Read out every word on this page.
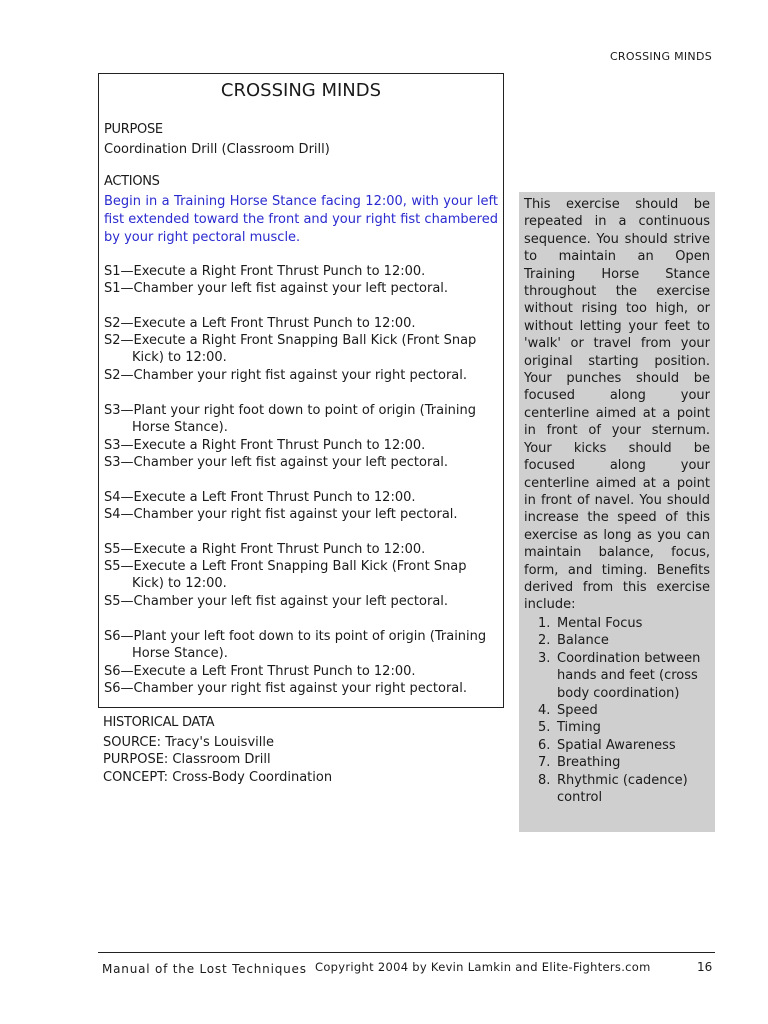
CROSSING MINDS
CROSSING MINDS
PURPOSE
Coordination Drill (Classroom Drill)
ACTIONS
Begin in a Training Horse Stance facing 12:00, with your left fist extended toward the front and your right fist chambered by your right pectoral muscle.
S1—Execute a Right Front Thrust Punch to 12:00.
S1—Chamber your left fist against your left pectoral.
S2—Execute a Left Front Thrust Punch to 12:00.
S2—Execute a Right Front Snapping Ball Kick (Front Snap
Kick) to 12:00.
S2—Chamber your right fist against your right pectoral.
S3—Plant your right foot down to point of origin (Training
Horse Stance).
S3—Execute a Right Front Thrust Punch to 12:00.
S3—Chamber your left fist against your left pectoral.
S4—Execute a Left Front Thrust Punch to 12:00.
S4—Chamber your right fist against your left pectoral.
S5—Execute a Right Front Thrust Punch to 12:00.
S5—Execute a Left Front Snapping Ball Kick (Front Snap
Kick) to 12:00.
S5—Chamber your left fist against your left pectoral.
S6—Plant your left foot down to its point of origin (Training
Horse Stance).
S6—Execute a Left Front Thrust Punch to 12:00.
S6—Chamber your right fist against your right pectoral.
HISTORICAL DATA
SOURCE: Tracy's Louisville
PURPOSE: Classroom Drill
CONCEPT: Cross-Body Coordination
This exercise should be repeated in a continuous sequence. You should strive to maintain an Open Training Horse Stance throughout the exercise without rising too high, or without letting your feet to 'walk' or travel from your original starting position. Your punches should be focused along your centerline aimed at a point in front of your sternum. Your kicks should be focused along your centerline aimed at a point in front of navel. You should increase the speed of this exercise as long as you can maintain balance, focus, form, and timing. Benefits derived from this exercise include:
1. Mental Focus
2. Balance
3. Coordination between hands and feet (cross body coordination)
4. Speed
5. Timing
6. Spatial Awareness
7. Breathing
8. Rhythmic (cadence) control
Manual of the Lost Techniques Copyright 2004 by Kevin Lamkin and Elite-Fighters.com	16
